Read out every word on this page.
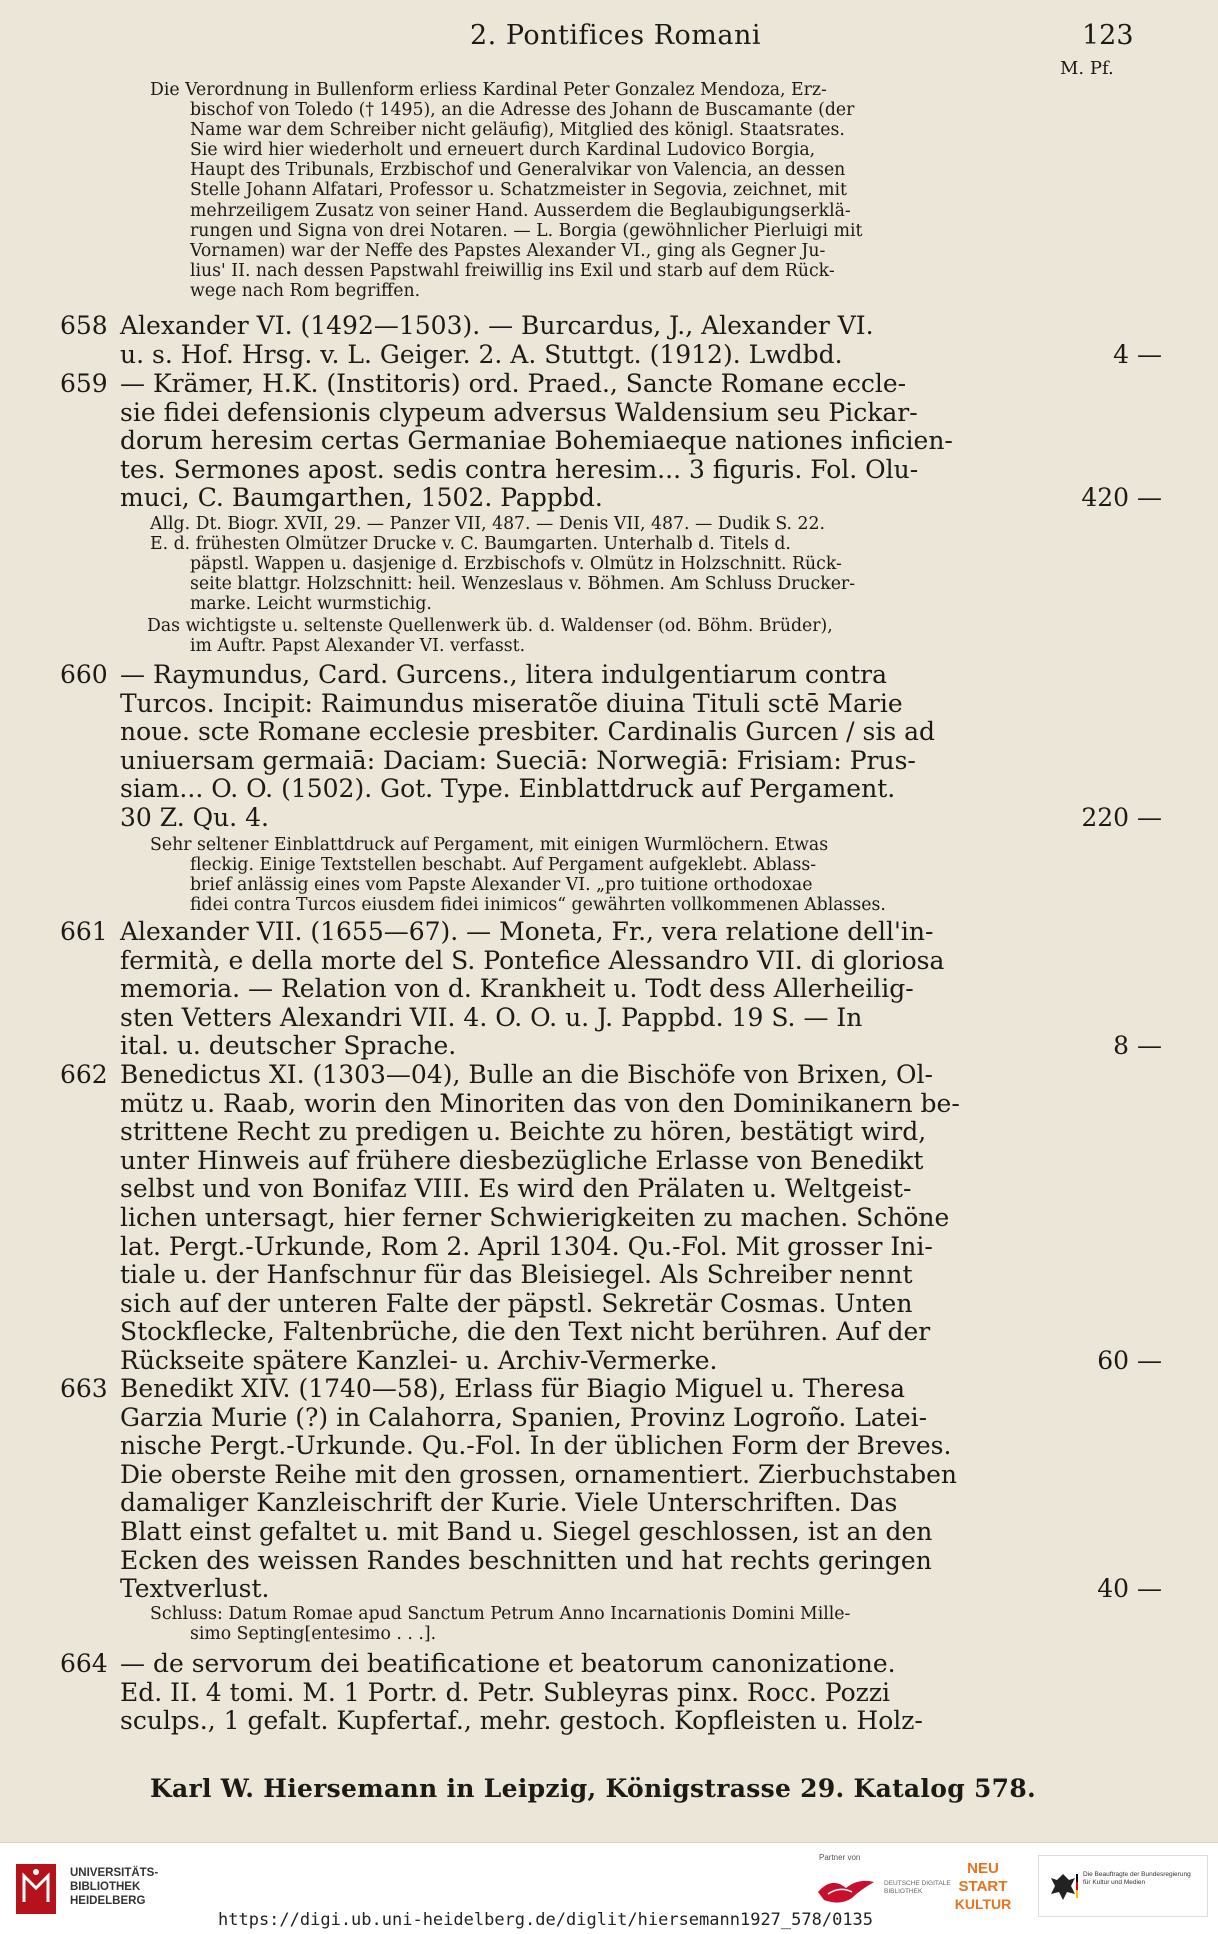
2. Pontifices Romani	123
M. Pf.
Die Verordnung in Bullenform erliess Kardinal Peter Gonzalez Mendoza, Erz-
bischof von Toledo († 1495), an die Adresse des Johann de Buscamante (der
Name war dem Schreiber nicht geläufig), Mitglied des königl. Staatsrates.
Sie wird hier wiederholt und erneuert durch Kardinal Ludovico Borgia,
Haupt des Tribunals, Erzbischof und Generalvikar von Valencia, an dessen
Stelle Johann Alfatari, Professor u. Schatzmeister in Segovia, zeichnet, mit
mehrzeiligem Zusatz von seiner Hand. Ausserdem die Beglaubigungserklä-
rungen und Signa von drei Notaren. — L. Borgia (gewöhnlicher Pierluigi mit
Vornamen) war der Neffe des Papstes Alexander VI., ging als Gegner Ju-
lius' II. nach dessen Papstwahl freiwillig ins Exil und starb auf dem Rück-
wege nach Rom begriffen.
658 Alexander VI. (1492—1503). — Burcardus, J., Alexander VI.
u. s. Hof. Hrsg. v. L. Geiger. 2. A. Stuttgt. (1912). Lwdbd.	4 —
659 — Krämer, H.K. (Institoris) ord. Praed., Sancte Romane eccle-
sie fidei defensionis clypeum adversus Waldensium seu Pickar-
dorum heresim certas Germaniae Bohemiaeque nationes inficien-
tes. Sermones apost. sedis contra heresim... 3 figuris. Fol. Olu-
muci, C. Baumgarthen, 1502. Pappbd.	420 —
Allg. Dt. Biogr. XVII, 29. — Panzer VII, 487. — Denis VII, 487. — Dudik S. 22.
E. d. frühesten Olmützer Drucke v. C. Baumgarten. Unterhalb d. Titels d.
päpstl. Wappen u. dasjenige d. Erzbischofs v. Olmütz in Holzschnitt. Rück-
seite blattgr. Holzschnitt: heil. Wenzeslaus v. Böhmen. Am Schluss Drucker-
marke. Leicht wurmstichig.
Das wichtigste u. seltenste Quellenwerk üb. d. Waldenser (od. Böhm. Brüder),
im Auftr. Papst Alexander VI. verfasst.
660 — Raymundus, Card. Gurcens., litera indulgentiarum contra
Turcos. Incipit: Raimundus miseratõe diuina Tituli sctē Marie
noue. scte Romane ecclesie presbiter. Cardinalis Gurcen / sis ad
uniuersam germaiā: Daciam: Sueciā: Norwegiā: Frisiam: Prus-
siam... O. O. (1502). Got. Type. Einblattdruck auf Pergament.
30 Z. Qu. 4.	220 —
Sehr seltener Einblattdruck auf Pergament, mit einigen Wurmlöchern. Etwas
fleckig. Einige Textstellen beschabt. Auf Pergament aufgeklebt. Ablass-
brief anlässig eines vom Papste Alexander VI. „pro tuitione orthodoxae
fidei contra Turcos eiusdem fidei inimicos“ gewährten vollkommenen Ablasses.
661 Alexander VII. (1655—67). — Moneta, Fr., vera relatione dell'in-
fermità, e della morte del S. Pontefice Alessandro VII. di gloriosa
memoria. — Relation von d. Krankheit u. Todt dess Allerheilig-
sten Vetters Alexandri VII. 4. O. O. u. J. Pappbd. 19 S. — In
ital. u. deutscher Sprache.	8 —
662 Benedictus XI. (1303—04), Bulle an die Bischöfe von Brixen, Ol-
mütz u. Raab, worin den Minoriten das von den Dominikanern be-
strittene Recht zu predigen u. Beichte zu hören, bestätigt wird,
unter Hinweis auf frühere diesbezügliche Erlasse von Benedikt
selbst und von Bonifaz VIII. Es wird den Prälaten u. Weltgeist-
lichen untersagt, hier ferner Schwierigkeiten zu machen. Schöne
lat. Pergt.-Urkunde, Rom 2. April 1304. Qu.-Fol. Mit grosser Ini-
tiale u. der Hanfschnur für das Bleisiegel. Als Schreiber nennt
sich auf der unteren Falte der päpstl. Sekretär Cosmas. Unten
Stockflecke, Faltenbrüche, die den Text nicht berühren. Auf der
Rückseite spätere Kanzlei- u. Archiv-Vermerke.	60 —
663 Benedikt XIV. (1740—58), Erlass für Biagio Miguel u. Theresa
Garzia Murie (?) in Calahorra, Spanien, Provinz Logroño. Latei-
nische Pergt.-Urkunde. Qu.-Fol. In der üblichen Form der Breves.
Die oberste Reihe mit den grossen, ornamentiert. Zierbuchstaben
damaliger Kanzleischrift der Kurie. Viele Unterschriften. Das
Blatt einst gefaltet u. mit Band u. Siegel geschlossen, ist an den
Ecken des weissen Randes beschnitten und hat rechts geringen
Textverlust.	40 —
Schluss: Datum Romae apud Sanctum Petrum Anno Incarnationis Domini Mille-
simo Septing[entesimo . . .].
664 — de servorum dei beatificatione et beatorum canonizatione.
Ed. II. 4 tomi. M. 1 Portr. d. Petr. Subleyras pinx. Rocc. Pozzi
sculps., 1 gefalt. Kupfertaf., mehr. gestoch. Kopfleisten u. Holz-
Karl W. Hiersemann in Leipzig, Königstrasse 29. Katalog 578.
UNIVERSITÄTS-
BIBLIOTHEK
HEIDELBERG
Partner von
DEUTSCHE DIGITALE
BIBLIOTHEK
NEU
START
KULTUR
Die Beauftragte der Bundesregierung
für Kultur und Medien
https://digi.ub.uni-heidelberg.de/diglit/hiersemann1927_578/0135
